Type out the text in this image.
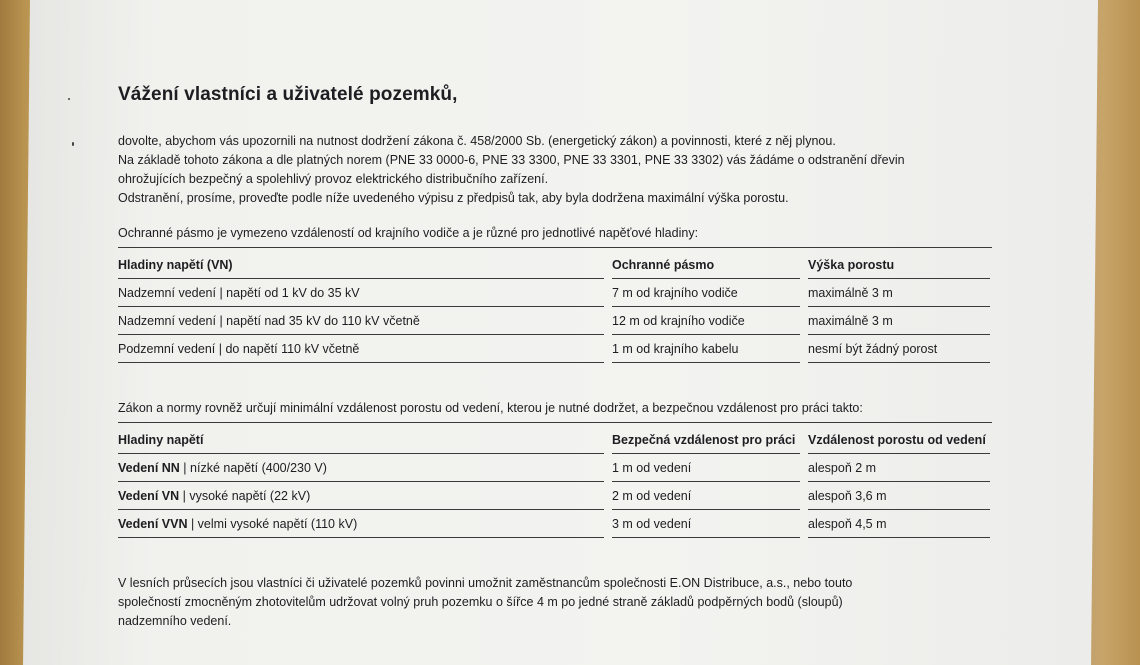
Vážení vlastníci a uživatelé pozemků,

dovolte, abychom vás upozornili na nutnost dodržení zákona č. 458/2000 Sb. (energetický zákon) a povinnosti, které z něj plynou.

Na základě tohoto zákona a dle platných norem (PNE 33 0000-6, PNE 33 3300, PNE 33 3301, PNE 33 3302) vás žádáme o odstranění dřevin

ohrožujících bezpečný a spolehlivý provoz elektrického distribučního zařízení.

Odstranění, prosíme, proveďte podle níže uvedeného výpisu z předpisů tak, aby byla dodržena maximální výška porostu.

Ochranné pásmo je vymezeno vzdáleností od krajního vodiče a je různé pro jednotlivé napěťové hladiny:
Hladiny napětí (VN)	Ochranné pásmo	Výška porostu
Nadzemní vedení | napětí od 1 kV do 35 kV	7 m od krajního vodiče	maximálně 3 m
Nadzemní vedení | napětí nad 35 kV do 110 kV včetně	12 m od krajního vodiče	maximálně 3 m
Podzemní vedení | do napětí 110 kV včetně	1 m od krajního kabelu	nesmí být žádný porost
Zákon a normy rovněž určují minimální vzdálenost porostu od vedení, kterou je nutné dodržet, a bezpečnou vzdálenost pro práci takto:
Hladiny napětí	Bezpečná vzdálenost pro práci	Vzdálenost porostu od vedení
Vedení NN | nízké napětí (400/230 V)	1 m od vedení	alespoň 2 m
Vedení VN | vysoké napětí (22 kV)	2 m od vedení	alespoň 3,6 m
Vedení VVN | velmi vysoké napětí (110 kV)	3 m od vedení	alespoň 4,5 m

V lesních průsecích jsou vlastníci či uživatelé pozemků povinni umožnit zaměstnancům společnosti E.ON Distribuce, a.s., nebo touto

společností zmocněným zhotovitelům udržovat volný pruh pozemku o šířce 4 m po jedné straně základů podpěrných bodů (sloupů)

nadzemního vedení.
